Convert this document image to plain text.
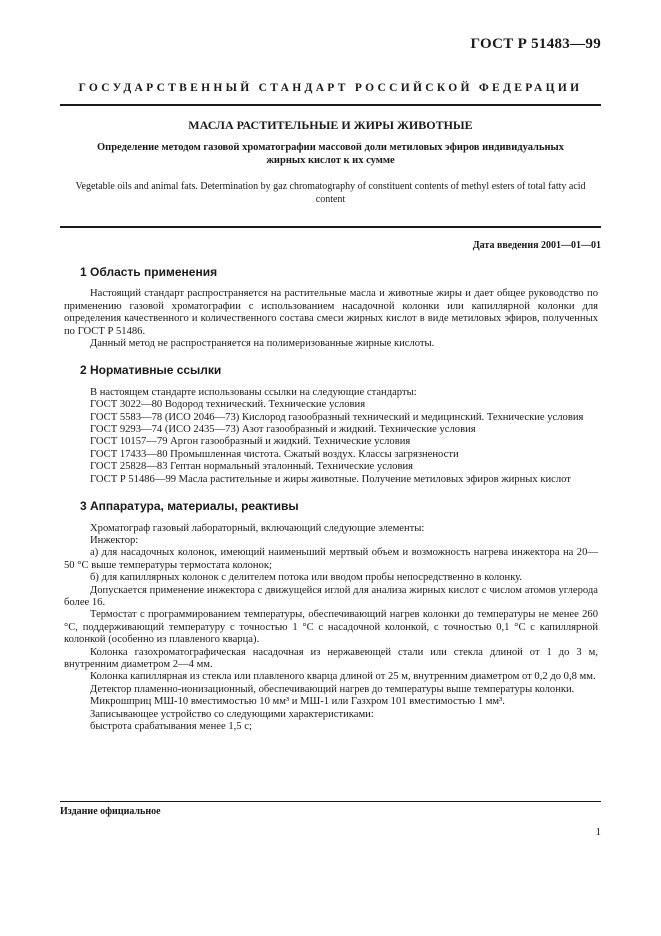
ГОСТ Р 51483—99
ГОСУДАРСТВЕННЫЙ СТАНДАРТ РОССИЙСКОЙ ФЕДЕРАЦИИ
МАСЛА РАСТИТЕЛЬНЫЕ И ЖИРЫ ЖИВОТНЫЕ
Определение методом газовой хроматографии массовой доли метиловых эфиров индивидуальных жирных кислот к их сумме
Vegetable oils and animal fats. Determination by gaz chromatography of constituent contents of methyl esters of total fatty acid content
Дата введения 2001—01—01
1 Область применения

Настоящий стандарт распространяется на растительные масла и животные жиры и дает общее руководство по применению газовой хроматографии с использованием насадочной колонки или капиллярной колонки для определения качественного и количественного состава смеси жирных кислот в виде метиловых эфиров, полученных по ГОСТ Р 51486.

Данный метод не распространяется на полимеризованные жирные кислоты.

2 Нормативные ссылки

В настоящем стандарте использованы ссылки на следующие стандарты:

ГОСТ 3022—80 Водород технический. Технические условия

ГОСТ 5583—78 (ИСО 2046—73) Кислород газообразный технический и медицинский. Технические условия

ГОСТ 9293—74 (ИСО 2435—73) Азот газообразный и жидкий. Технические условия

ГОСТ 10157—79 Аргон газообразный и жидкий. Технические условия

ГОСТ 17433—80 Промышленная чистота. Сжатый воздух. Классы загрязнености

ГОСТ 25828—83 Гептан нормальный эталонный. Технические условия

ГОСТ Р 51486—99 Масла растительные и жиры животные. Получение метиловых эфиров жирных кислот

3 Аппаратура, материалы, реактивы

Хроматограф газовый лабораторный, включающий следующие элементы:

Инжектор:

а) для насадочных колонок, имеющий наименьший мертвый объем и возможность нагрева инжектора на 20—50 °С выше температуры термостата колонок;

б) для капиллярных колонок с делителем потока или вводом пробы непосредственно в колонку.

Допускается применение инжектора с движущейся иглой для анализа жирных кислот с числом атомов углерода более 16.

Термостат с программированием температуры, обеспечивающий нагрев колонки до температуры не менее 260 °С, поддерживающий температуру с точностью 1 °С с насадочной колонкой, с точностью 0,1 °С с капиллярной колонкой (особенно из плавленого кварца).

Колонка газохроматографическая насадочная из нержавеющей стали или стекла длиной от 1 до 3 м, внутренним диаметром 2—4 мм.

Колонка капиллярная из стекла или плавленого кварца длиной от 25 м, внутренним диаметром от 0,2 до 0,8 мм.

Детектор пламенно-ионизационный, обеспечивающий нагрев до температуры выше температуры колонки.

Микрошприц МШ-10 вместимостью 10 мм³ и МШ-1 или Газхром 101 вместимостью 1 мм³.

Записывающее устройство со следующими характеристиками:

быстрота срабатывания менее 1,5 с;

Издание официальное
1
